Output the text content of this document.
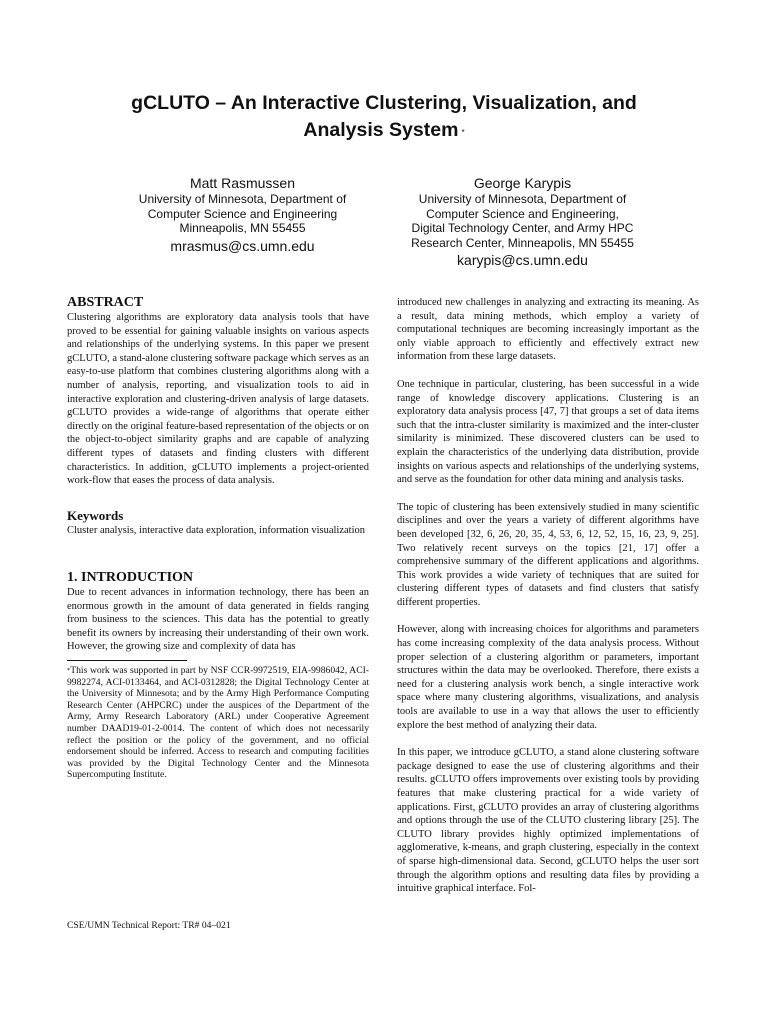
gCLUTO – An Interactive Clustering, Visualization, and
Analysis System *
Matt Rasmussen
University of Minnesota, Department of
Computer Science and Engineering
Minneapolis, MN 55455
mrasmus@cs.umn.edu
George Karypis
University of Minnesota, Department of
Computer Science and Engineering,
Digital Technology Center, and Army HPC
Research Center, Minneapolis, MN 55455
karypis@cs.umn.edu
ABSTRACT

Clustering algorithms are exploratory data analysis tools that have proved to be essential for gaining valuable insights on various aspects and relationships of the underlying systems. In this paper we present gCLUTO, a stand-alone clustering software package which serves as an easy-to-use platform that combines clustering algorithms along with a number of analysis, reporting, and visualization tools to aid in interactive exploration and clustering-driven analysis of large datasets. gCLUTO provides a wide-range of algorithms that operate either directly on the original feature-based representation of the objects or on the object-to-object similarity graphs and are capable of analyzing different types of datasets and finding clusters with different characteristics. In addition, gCLUTO implements a project-oriented work-flow that eases the process of data analysis.

Keywords

Cluster analysis, interactive data exploration, information visualization

1. INTRODUCTION

Due to recent advances in information technology, there has been an enormous growth in the amount of data generated in fields ranging from business to the sciences. This data has the potential to greatly benefit its owners by increasing their understanding of their own work. However, the growing size and complexity of data has

*This work was supported in part by NSF CCR-9972519, EIA-9986042, ACI-9982274, ACI-0133464, and ACI-0312828; the Digital Technology Center at the University of Minnesota; and by the Army High Performance Computing Research Center (AHPCRC) under the auspices of the Department of the Army, Army Research Laboratory (ARL) under Cooperative Agreement number DAAD19-01-2-0014. The content of which does not necessarily reflect the position or the policy of the government, and no official endorsement should be inferred. Access to research and computing facilities was provided by the Digital Technology Center and the Minnesota Supercomputing Institute.

CSE/UMN Technical Report: TR# 04–021

introduced new challenges in analyzing and extracting its meaning. As a result, data mining methods, which employ a variety of computational techniques are becoming increasingly important as the only viable approach to efficiently and effectively extract new information from these large datasets.

One technique in particular, clustering, has been successful in a wide range of knowledge discovery applications. Clustering is an exploratory data analysis process [47, 7] that groups a set of data items such that the intra-cluster similarity is maximized and the inter-cluster similarity is minimized. These discovered clusters can be used to explain the characteristics of the underlying data distribution, provide insights on various aspects and relationships of the underlying systems, and serve as the foundation for other data mining and analysis tasks.

The topic of clustering has been extensively studied in many scientific disciplines and over the years a variety of different algorithms have been developed [32, 6, 26, 20, 35, 4, 53, 6, 12, 52, 15, 16, 23, 9, 25]. Two relatively recent surveys on the topics [21, 17] offer a comprehensive summary of the different applications and algorithms. This work provides a wide variety of techniques that are suited for clustering different types of datasets and find clusters that satisfy different properties.

However, along with increasing choices for algorithms and parameters has come increasing complexity of the data analysis process. Without proper selection of a clustering algorithm or parameters, important structures within the data may be overlooked. Therefore, there exists a need for a clustering analysis work bench, a single interactive work space where many clustering algorithms, visualizations, and analysis tools are available to use in a way that allows the user to efficiently explore the best method of analyzing their data.

In this paper, we introduce gCLUTO, a stand alone clustering software package designed to ease the use of clustering algorithms and their results. gCLUTO offers improvements over existing tools by providing features that make clustering practical for a wide variety of applications. First, gCLUTO provides an array of clustering algorithms and options through the use of the CLUTO clustering library [25]. The CLUTO library provides highly optimized implementations of agglomerative, k-means, and graph clustering, especially in the context of sparse high-dimensional data. Second, gCLUTO helps the user sort through the algorithm options and resulting data files by providing a intuitive graphical interface. Fol-
